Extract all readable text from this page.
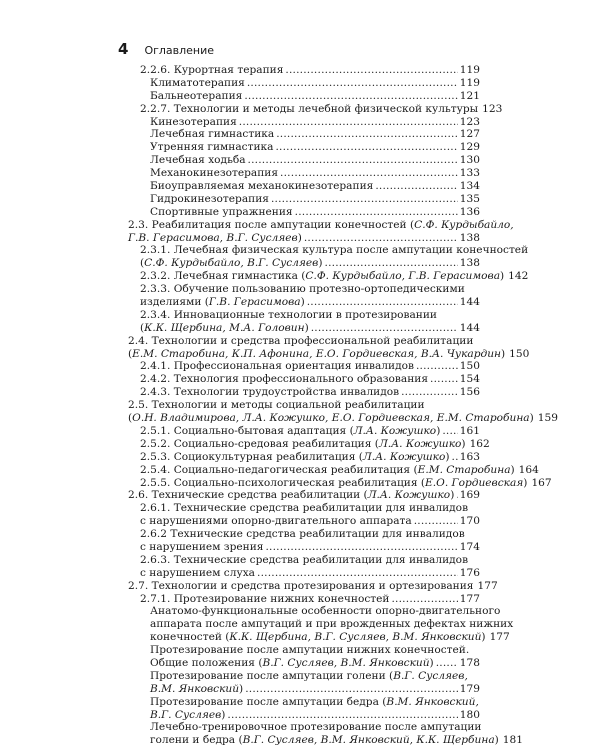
4 Оглавление
2.2.6. Курортная терапия .....	119
Климатотерапия .....	119
Бальнеотерапия .....	121
2.2.7. Технологии и методы лечебной физической культуры 123
Кинезотерапия .....	123
Лечебная гимнастика .....	127
Утренняя гимнастика .....	129
Лечебная ходьба .....	130
Механокинезотерапия .....	133
Биоуправляемая механокинезотерапия .....	134
Гидрокинезотерапия .....	135
Спортивные упражнения .....	136
2.3. Реабилитация после ампутации конечностей (С.Ф. Курдыбайло,
Г.В. Герасимова, В.Г. Сусляев) .....	138
2.3.1. Лечебная физическая культура после ампутации конечностей
(С.Ф. Курдыбайло, В.Г. Сусляев) .....	138
2.3.2. Лечебная гимнастика (С.Ф. Курдыбайло, Г.В. Герасимова) 142
2.3.3. Обучение пользованию протезно-ортопедическими
изделиями (Г.В. Герасимова) .....	144
2.3.4. Инновационные технологии в протезировании
(К.К. Щербина, М.А. Головин) .....	144
2.4. Технологии и средства профессиональной реабилитации
(Е.М. Старобина, К.П. Афонина, Е.О. Гордиевская, В.А. Чукардин) 150
2.4.1. Профессиональная ориентация инвалидов .....	150
2.4.2. Технология профессионального образования .....	154
2.4.3. Технологии трудоустройства инвалидов .....	156
2.5. Технологии и методы социальной реабилитации
(О.Н. Владимирова, Л.А. Кожушко, Е.О. Гордиевская, Е.М. Старобина) 159
2.5.1. Социально-бытовая адаптация (Л.А. Кожушко) ..... 161
2.5.2. Социально-средовая реабилитация (Л.А. Кожушко) 162
2.5.3. Социокультурная реабилитация (Л.А. Кожушко) ..... 163
2.5.4. Социально-педагогическая реабилитация (Е.М. Старобина) 164
2.5.5. Социально-психологическая реабилитация (Е.О. Гордиевская) 167
2.6. Технические средства реабилитации (Л.А. Кожушко) ..... 169
2.6.1. Технические средства реабилитации для инвалидов
с нарушениями опорно-двигательного аппарата .....	170
2.6.2 Технические средства реабилитации для инвалидов
с нарушением зрения .....	174
2.6.3. Технические средства реабилитации для инвалидов
с нарушением слуха .....	176
2.7. Технологии и средства протезирования и ортезирования 177
2.7.1. Протезирование нижних конечностей .....	177
Анатомо-функциональные особенности опорно-двигательного
аппарата после ампутаций и при врожденных дефектах нижних
конечностей (К.К. Щербина, В.Г. Сусляев, В.М. Янковский) 177
Протезирование после ампутации нижних конечностей.
Общие положения (В.Г. Сусляев, В.М. Янковский) ..... 178
Протезирование после ампутации голени (В.Г. Сусляев,
В.М. Янковский) .....	179
Протезирование после ампутации бедра (В.М. Янковский,
В.Г. Сусляев) .....	180
Лечебно-тренировочное протезирование после ампутации
голени и бедра (В.Г. Сусляев, В.М. Янковский, К.К. Щербина) 181
